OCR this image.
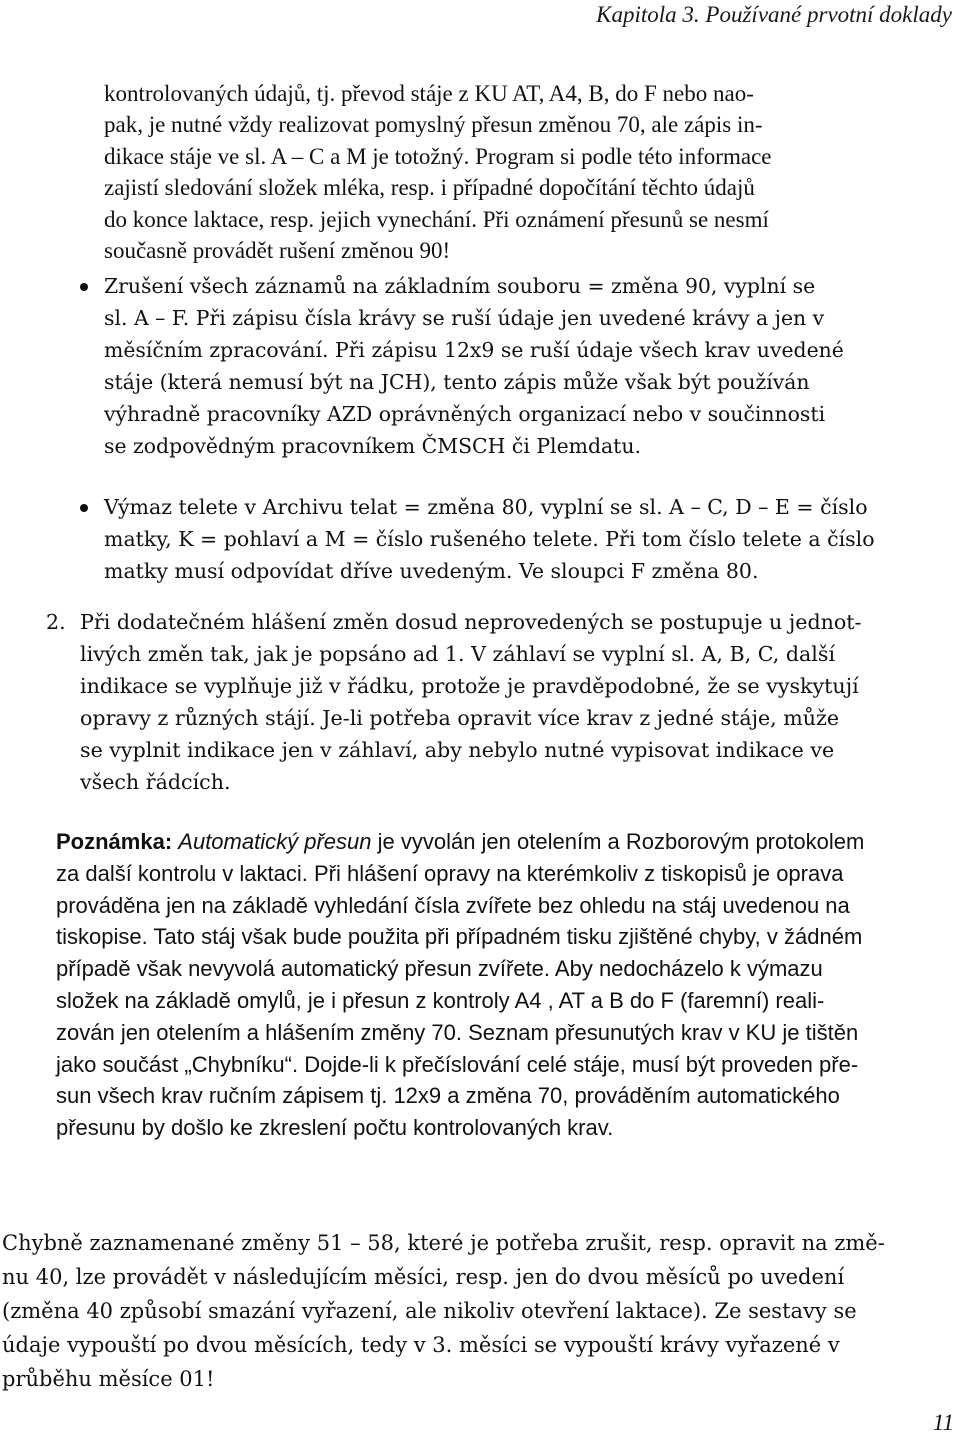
Kapitola 3. Používané prvotní doklady
kontrolovaných údajů, tj. převod stáje z KU AT, A4, B, do F nebo nao-
pak, je nutné vždy realizovat pomyslný přesun změnou 70, ale zápis in-
dikace stáje ve sl. A – C a M je totožný. Program si podle této informace
zajistí sledování složek mléka, resp. i případné dopočítání těchto údajů
do konce laktace, resp. jejich vynechání. Při oznámení přesunů se nesmí
současně provádět rušení změnou 90!
Zrušení všech záznamů na základním souboru = změna 90, vyplní se
sl. A – F. Při zápisu čísla krávy se ruší údaje jen uvedené krávy a jen v
měsíčním zpracování. Při zápisu 12x9 se ruší údaje všech krav uvedené
stáje (která nemusí být na JCH), tento zápis může však být používán
výhradně pracovníky AZD oprávněných organizací nebo v součinnosti
se zodpovědným pracovníkem ČMSCH či Plemdatu.
Výmaz telete v Archivu telat = změna 80, vyplní se sl. A – C, D – E = číslo
matky, K = pohlaví a M = číslo rušeného telete. Při tom číslo telete a číslo
matky musí odpovídat dříve uvedeným. Ve sloupci F změna 80.
2. Při dodatečném hlášení změn dosud neprovedených se postupuje u jednot-
livých změn tak, jak je popsáno ad 1. V záhlaví se vyplní sl. A, B, C, další
indikace se vyplňuje již v řádku, protože je pravděpodobné, že se vyskytují
opravy z různých stájí. Je-li potřeba opravit více krav z jedné stáje, může
se vyplnit indikace jen v záhlaví, aby nebylo nutné vypisovat indikace ve
všech řádcích.
Poznámka: Automatický přesun je vyvolán jen otelením a Rozborovým protokolem
za další kontrolu v laktaci. Při hlášení opravy na kterémkoliv z tiskopisů je oprava
prováděna jen na základě vyhledání čísla zvířete bez ohledu na stáj uvedenou na
tiskopise. Tato stáj však bude použita při případném tisku zjištěné chyby, v žádném
případě však nevyvolá automatický přesun zvířete. Aby nedocházelo k výmazu
složek na základě omylů, je i přesun z kontroly A4 , AT a B do F (faremní) reali-
zován jen otelením a hlášením změny 70. Seznam přesunutých krav v KU je tištěn
jako součást „Chybníku“. Dojde-li k přečíslování celé stáje, musí být proveden pře-
sun všech krav ručním zápisem tj. 12x9 a změna 70, prováděním automatického
přesunu by došlo ke zkreslení počtu kontrolovaných krav.
Chybně zaznamenané změny 51 – 58, které je potřeba zrušit, resp. opravit na změ-
nu 40, lze provádět v následujícím měsíci, resp. jen do dvou měsíců po uvedení
(změna 40 způsobí smazání vyřazení, ale nikoliv otevření laktace). Ze sestavy se
údaje vypouští po dvou měsících, tedy v 3. měsíci se vypouští krávy vyřazené v
průběhu měsíce 01!
11
